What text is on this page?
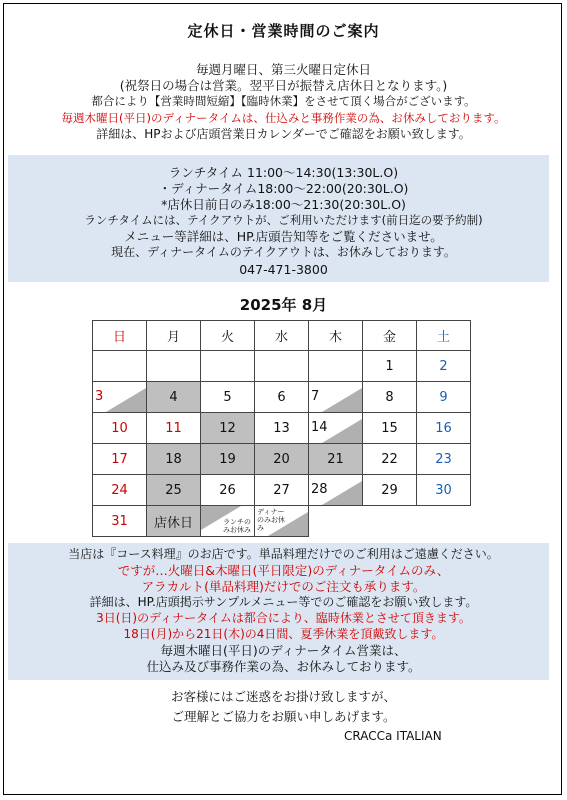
定休日・営業時間のご案内
毎週月曜日、第三火曜日定休日
(祝祭日の場合は営業。翌平日が振替え店休日となります。)
都合により【営業時間短縮】【臨時休業】をさせて頂く場合がございます。
毎週木曜日(平日)のディナータイムは、仕込みと事務作業の為、お休みしております。
詳細は、HPおよび店頭営業日カレンダーでご確認をお願い致します。
ランチタイム 11:00〜14:30(13:30L.O)
・ディナータイム18:00〜22:00(20:30L.O)
*店休日前日のみ18:00〜21:30(20:30L.O)
ランチタイムには、テイクアウトが、ご利用いただけます(前日迄の要予約制)
メニュー等詳細は、HP.店頭告知等をご覧くださいませ。
現在、ディナータイムのテイクアウトは、お休みしております。
047-471-3800
2025年 8月
日	月	火	水	木	金	土
					1	2

3	4	5	6	7	8	9
10	11	12	13	14	15	16
17	18	19	20	21	22	23
24	25	26	27	28	29	30
31	店休日	ランチのみお休み	ディナーのみお休み			

当店は『コース料理』のお店です。単品料理だけでのご利用はご遠慮ください。
ですが…火曜日&木曜日(平日限定)のディナータイムのみ、
アラカルト(単品料理)だけでのご注文も承ります。
詳細は、HP.店頭掲示サンプルメニュー等でのご確認をお願い致します。
3日(日)のディナータイムは都合により、臨時休業とさせて頂きます。
18日(月)から21日(木)の4日間、夏季休業を頂戴致します。
毎週木曜日(平日)のディナータイム営業は、
仕込み及び事務作業の為、お休みしております。
お客様にはご迷惑をお掛け致しますが、
ご理解とご協力をお願い申しあげます。
CRACCa ITALIAN
